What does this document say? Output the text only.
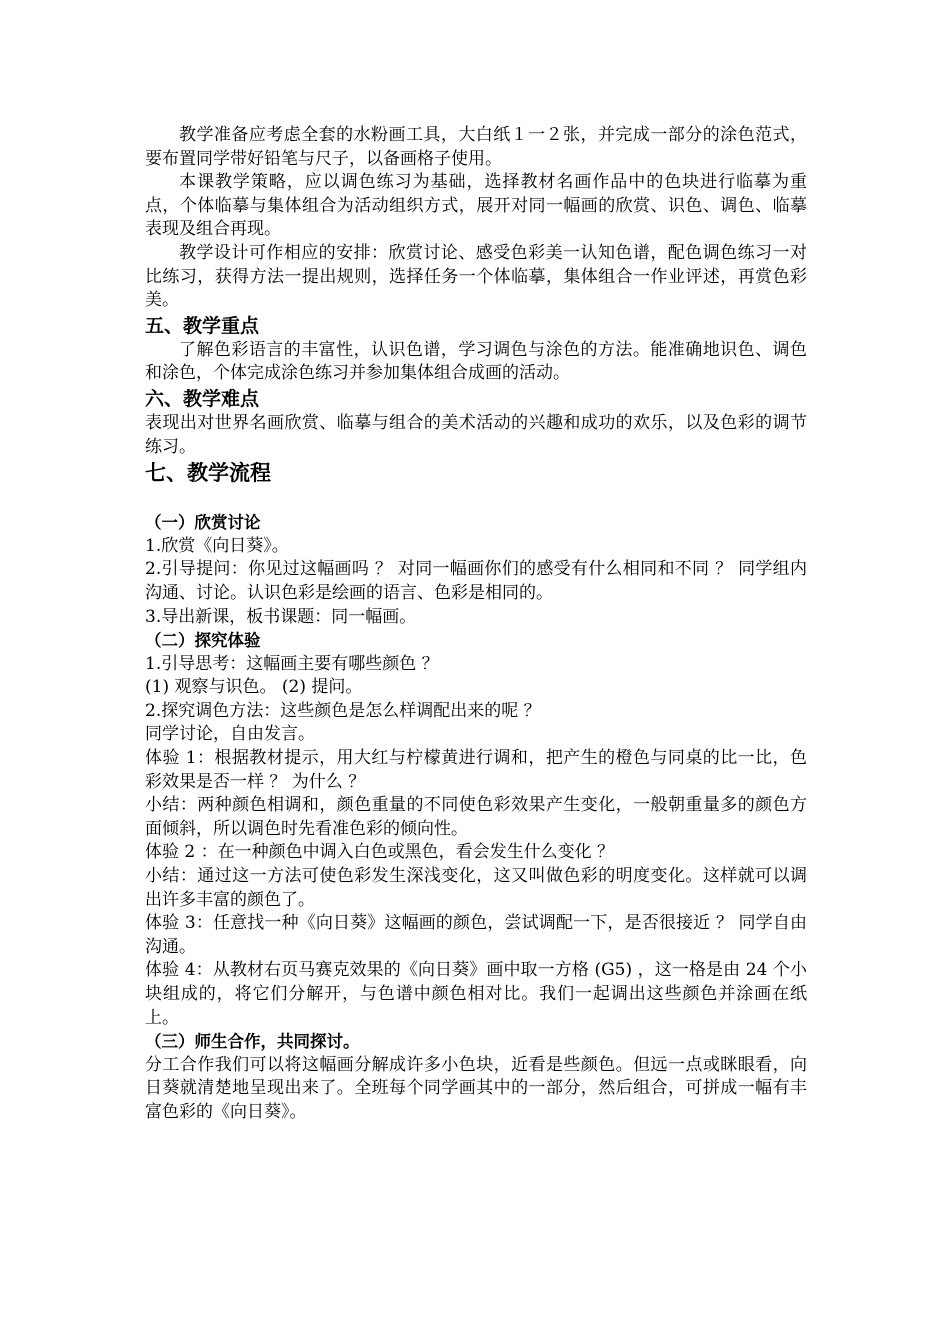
教学准备应考虑全套的水粉画工具，大白纸１一２张，并完成一部分的涂色范式，要布置同学带好铅笔与尺子，以备画格子使用。

本课教学策略，应以调色练习为基础，选择教材名画作品中的色块进行临摹为重点，个体临摹与集体组合为活动组织方式，展开对同一幅画的欣赏、识色、调色、临摹表现及组合再现。

教学设计可作相应的安排：欣赏讨论、感受色彩美一认知色谱，配色调色练习一对比练习，获得方法一提出规则，选择任务一个体临摹，集体组合一作业评述，再赏色彩美。

五、教学重点

了解色彩语言的丰富性，认识色谱，学习调色与涂色的方法。能准确地识色、调色和涂色，个体完成涂色练习并参加集体组合成画的活动。

六、教学难点

表现出对世界名画欣赏、临摹与组合的美术活动的兴趣和成功的欢乐，以及色彩的调节练习。

七、教学流程
（一）欣赏讨论

1.欣赏《向日葵》。

2.引导提问：你见过这幅画吗 ？ 对同一幅画你们的感受有什么相同和不同 ？ 同学组内沟通、讨论。认识色彩是绘画的语言、色彩是相同的。

3.导出新课，板书课题：同一幅画。

（二）探究体验

1.引导思考：这幅画主要有哪些颜色 ？

(1) 观察与识色。 (2) 提问。

2.探究调色方法：这些颜色是怎么样调配出来的呢 ？

同学讨论，自由发言。

体验 1：根据教材提示，用大红与柠檬黄进行调和，把产生的橙色与同桌的比一比，色彩效果是否一样 ？ 为什么 ？

小结：两种颜色相调和，颜色重量的不同使色彩效果产生变化，一般朝重量多的颜色方面倾斜，所以调色时先看准色彩的倾向性。

体验 2 ：在一种颜色中调入白色或黑色，看会发生什么变化 ？

小结：通过这一方法可使色彩发生深浅变化，这又叫做色彩的明度变化。这样就可以调出许多丰富的颜色了。

体验 3：任意找一种《向日葵》这幅画的颜色，尝试调配一下，是否很接近 ？ 同学自由沟通。

体验 4：从教材右页马赛克效果的《向日葵》画中取一方格 (G5) ，这一格是由 24 个小块组成的，将它们分解开，与色谱中颜色相对比。我们一起调出这些颜色并涂画在纸上。

（三）师生合作，共同探讨。

分工合作我们可以将这幅画分解成许多小色块，近看是些颜色。但远一点或眯眼看，向日葵就清楚地呈现出来了。全班每个同学画其中的一部分，然后组合，可拼成一幅有丰富色彩的《向日葵》。
